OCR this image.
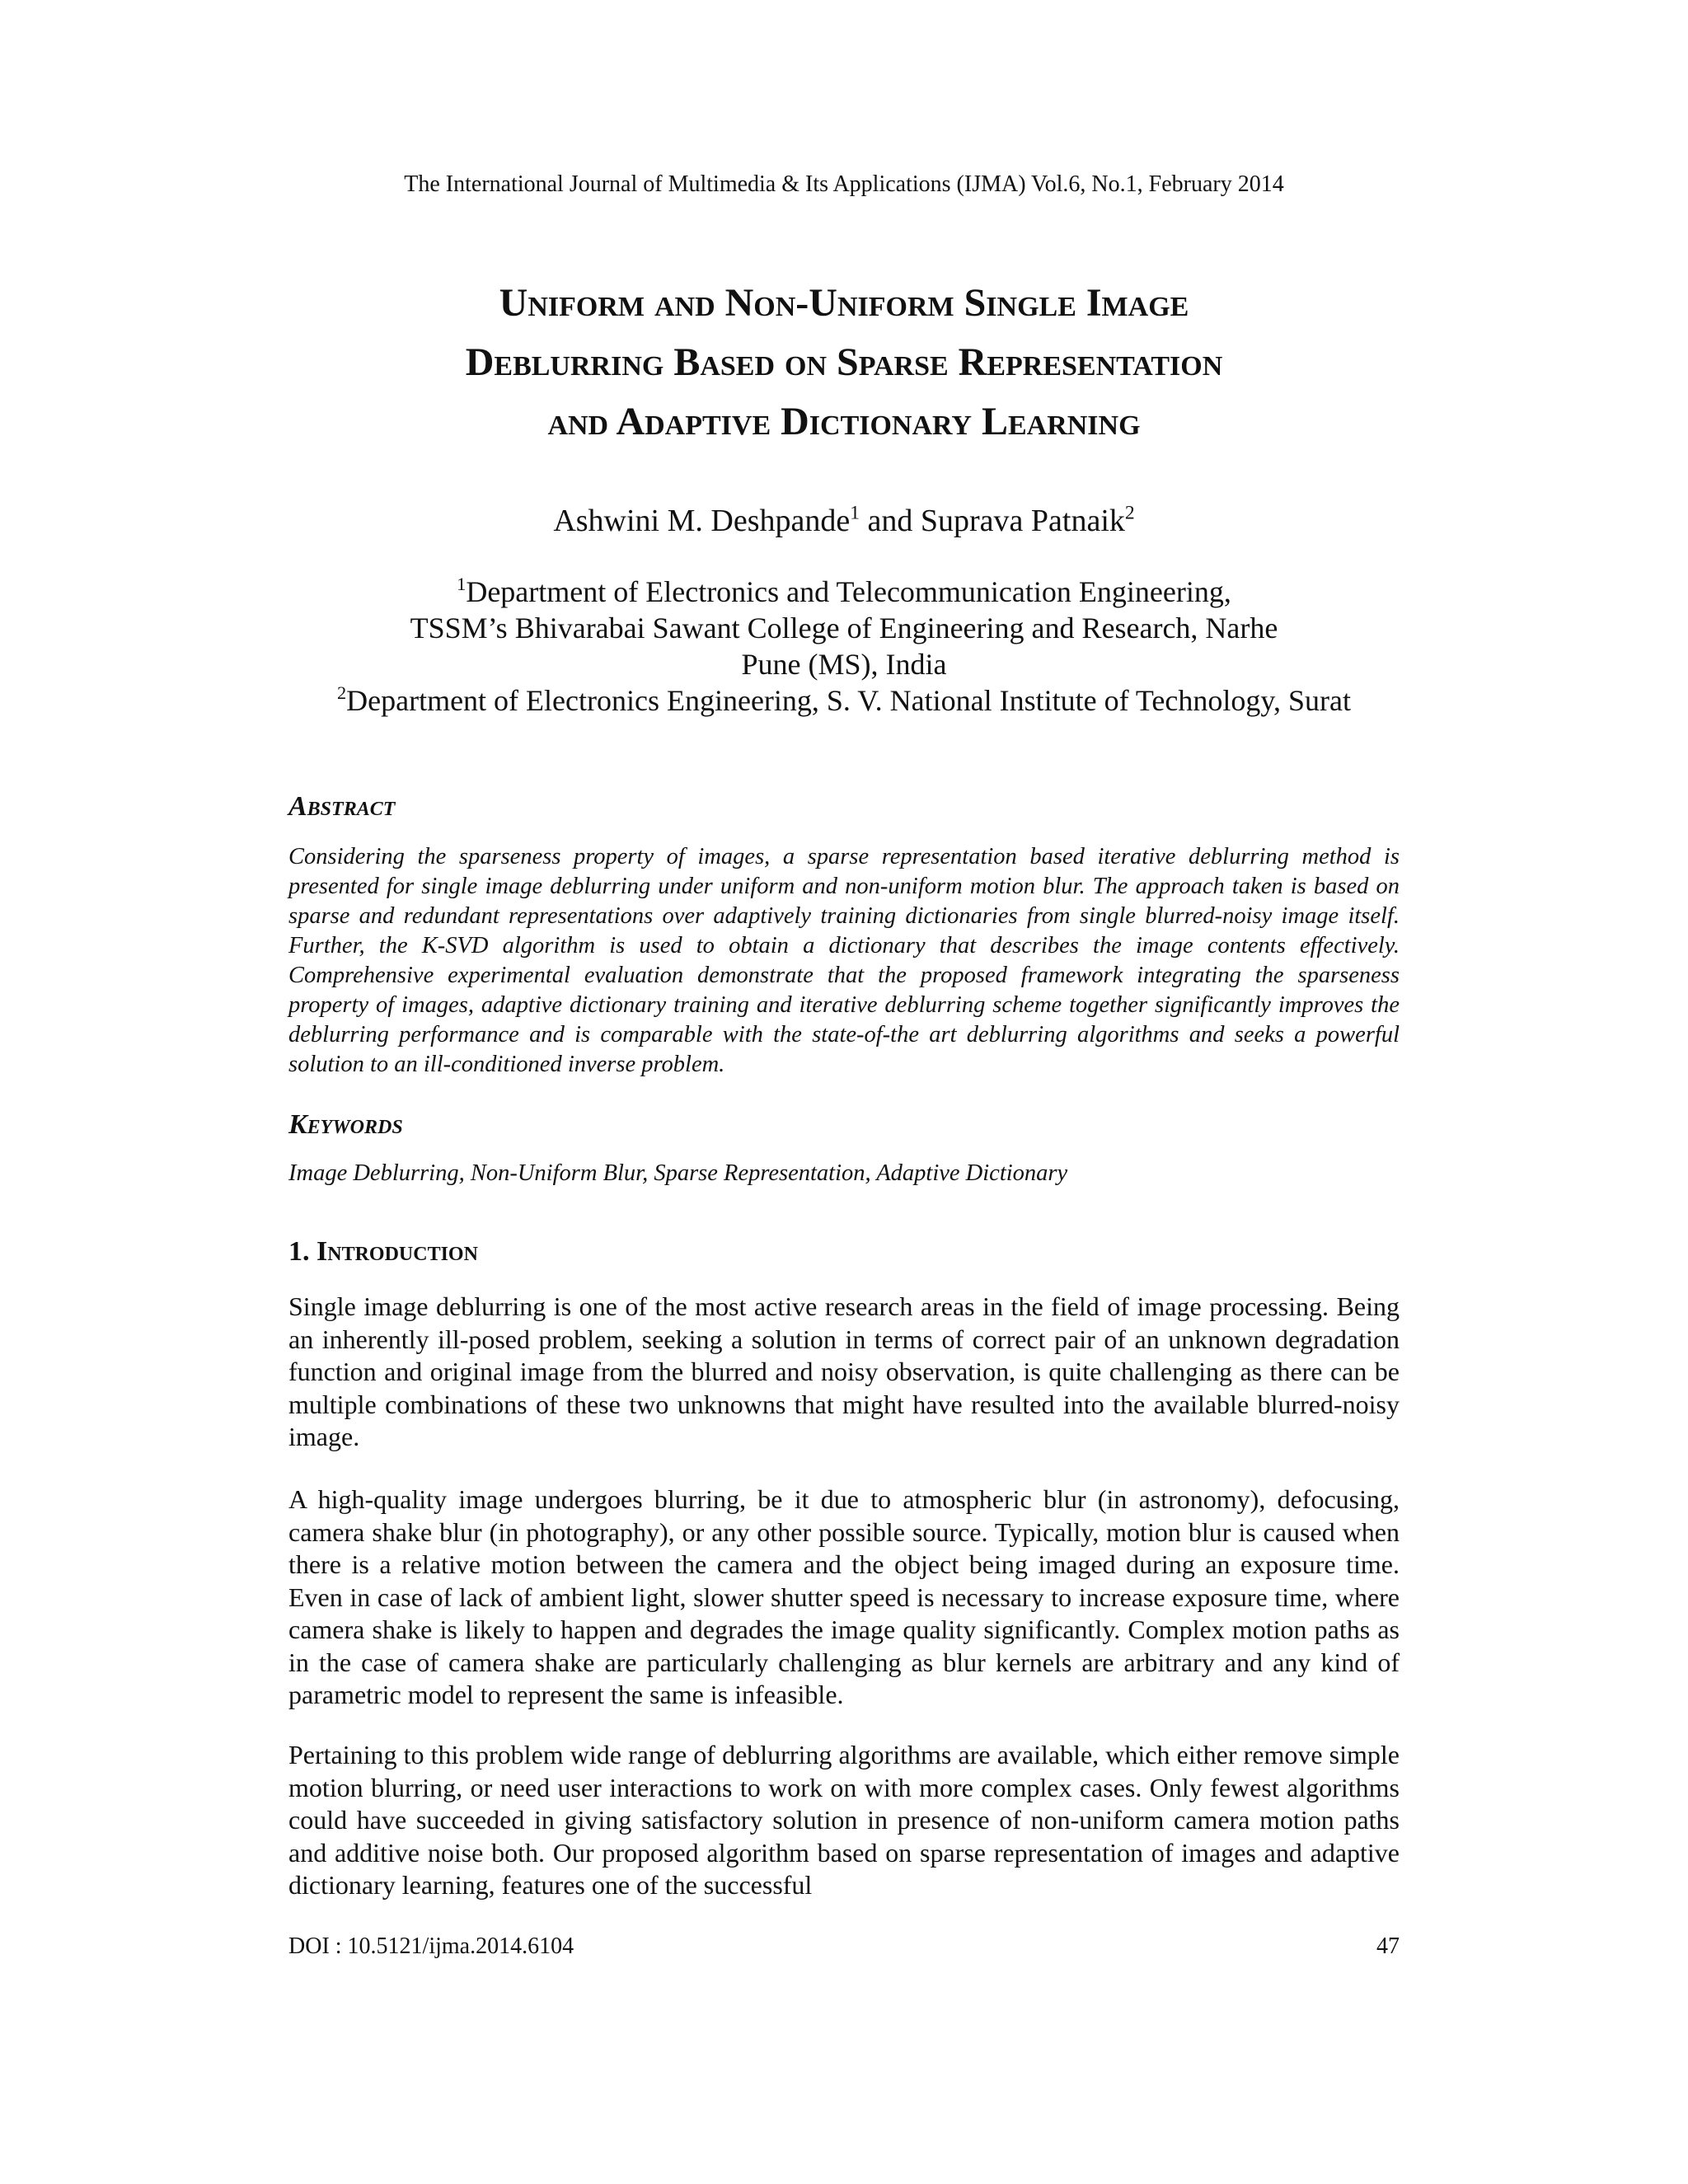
The International Journal of Multimedia & Its Applications (IJMA) Vol.6, No.1, February 2014
Uniform and Non-Uniform Single Image
Deblurring Based on Sparse Representation
and Adaptive Dictionary Learning
Ashwini M. Deshpande$^1$ and Suprava Patnaik$^2$
$^1$Department of Electronics and Telecommunication Engineering,
TSSM’s Bhivarabai Sawant College of Engineering and Research, Narhe
Pune (MS), India
$^2$Department of Electronics Engineering, S. V. National Institute of Technology, Surat
Abstract

Considering the sparseness property of images, a sparse representation based iterative deblurring method is presented for single image deblurring under uniform and non-uniform motion blur. The approach taken is based on sparse and redundant representations over adaptively training dictionaries from single blurred-noisy image itself. Further, the K-SVD algorithm is used to obtain a dictionary that describes the image contents effectively. Comprehensive experimental evaluation demonstrate that the proposed framework integrating the sparseness property of images, adaptive dictionary training and iterative deblurring scheme together significantly improves the deblurring performance and is comparable with the state-of-the art deblurring algorithms and seeks a powerful solution to an ill-conditioned inverse problem.

Keywords

Image Deblurring, Non-Uniform Blur, Sparse Representation, Adaptive Dictionary

1. Introduction

Single image deblurring is one of the most active research areas in the field of image processing. Being an inherently ill-posed problem, seeking a solution in terms of correct pair of an unknown degradation function and original image from the blurred and noisy observation, is quite challenging as there can be multiple combinations of these two unknowns that might have resulted into the available blurred-noisy image.

A high-quality image undergoes blurring, be it due to atmospheric blur (in astronomy), defocusing, camera shake blur (in photography), or any other possible source. Typically, motion blur is caused when there is a relative motion between the camera and the object being imaged during an exposure time. Even in case of lack of ambient light, slower shutter speed is necessary to increase exposure time, where camera shake is likely to happen and degrades the image quality significantly. Complex motion paths as in the case of camera shake are particularly challenging as blur kernels are arbitrary and any kind of parametric model to represent the same is infeasible.

Pertaining to this problem wide range of deblurring algorithms are available, which either remove simple motion blurring, or need user interactions to work on with more complex cases. Only fewest algorithms could have succeeded in giving satisfactory solution in presence of non-uniform camera motion paths and additive noise both. Our proposed algorithm based on sparse representation of images and adaptive dictionary learning, features one of the successful

DOI : 10.5121/ijma.2014.6104	47
